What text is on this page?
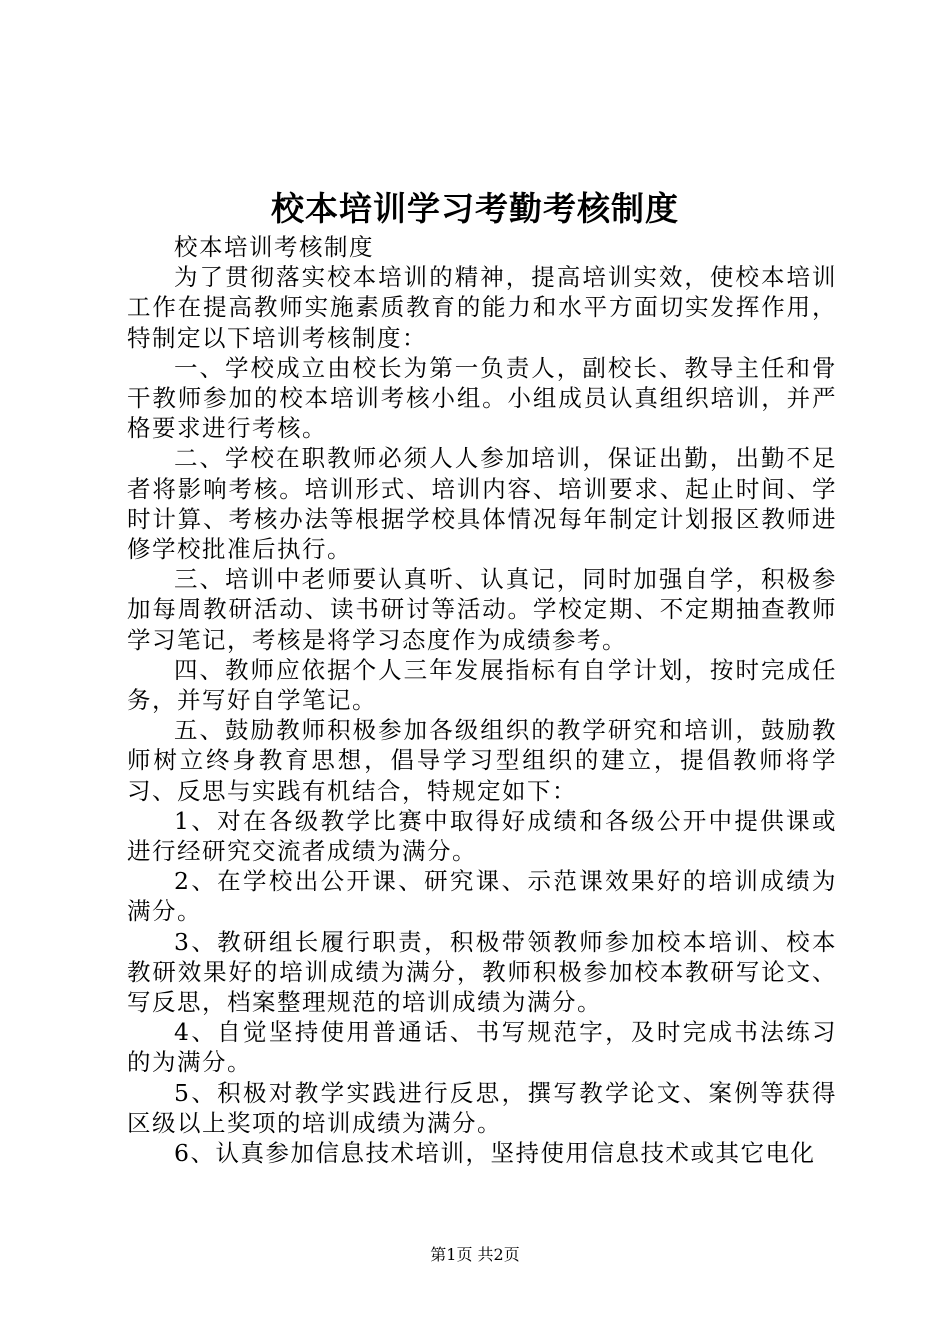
校本培训学习考勤考核制度

校本培训考核制度

为了贯彻落实校本培训的精神，提高培训实效，使校本培训工作在提高教师实施素质教育的能力和水平方面切实发挥作用，特制定以下培训考核制度：

一、学校成立由校长为第一负责人，副校长、教导主任和骨干教师参加的校本培训考核小组。小组成员认真组织培训，并严格要求进行考核。

二、学校在职教师必须人人参加培训，保证出勤，出勤不足者将影响考核。培训形式、培训内容、培训要求、起止时间、学时计算、考核办法等根据学校具体情况每年制定计划报区教师进修学校批准后执行。

三、培训中老师要认真听、认真记，同时加强自学，积极参加每周教研活动、读书研讨等活动。学校定期、不定期抽查教师学习笔记，考核是将学习态度作为成绩参考。

四、教师应依据个人三年发展指标有自学计划，按时完成任务，并写好自学笔记。

五、鼓励教师积极参加各级组织的教学研究和培训，鼓励教师树立终身教育思想，倡导学习型组织的建立，提倡教师将学习、反思与实践有机结合，特规定如下：

1、对在各级教学比赛中取得好成绩和各级公开中提供课或进行经研究交流者成绩为满分。

2、在学校出公开课、研究课、示范课效果好的培训成绩为满分。

3、教研组长履行职责，积极带领教师参加校本培训、校本教研效果好的培训成绩为满分，教师积极参加校本教研写论文、写反思，档案整理规范的培训成绩为满分。

4、自觉坚持使用普通话、书写规范字，及时完成书法练习的为满分。

5、积极对教学实践进行反思，撰写教学论文、案例等获得区级以上奖项的培训成绩为满分。

6、认真参加信息技术培训，坚持使用信息技术或其它电化

第1页 共2页
